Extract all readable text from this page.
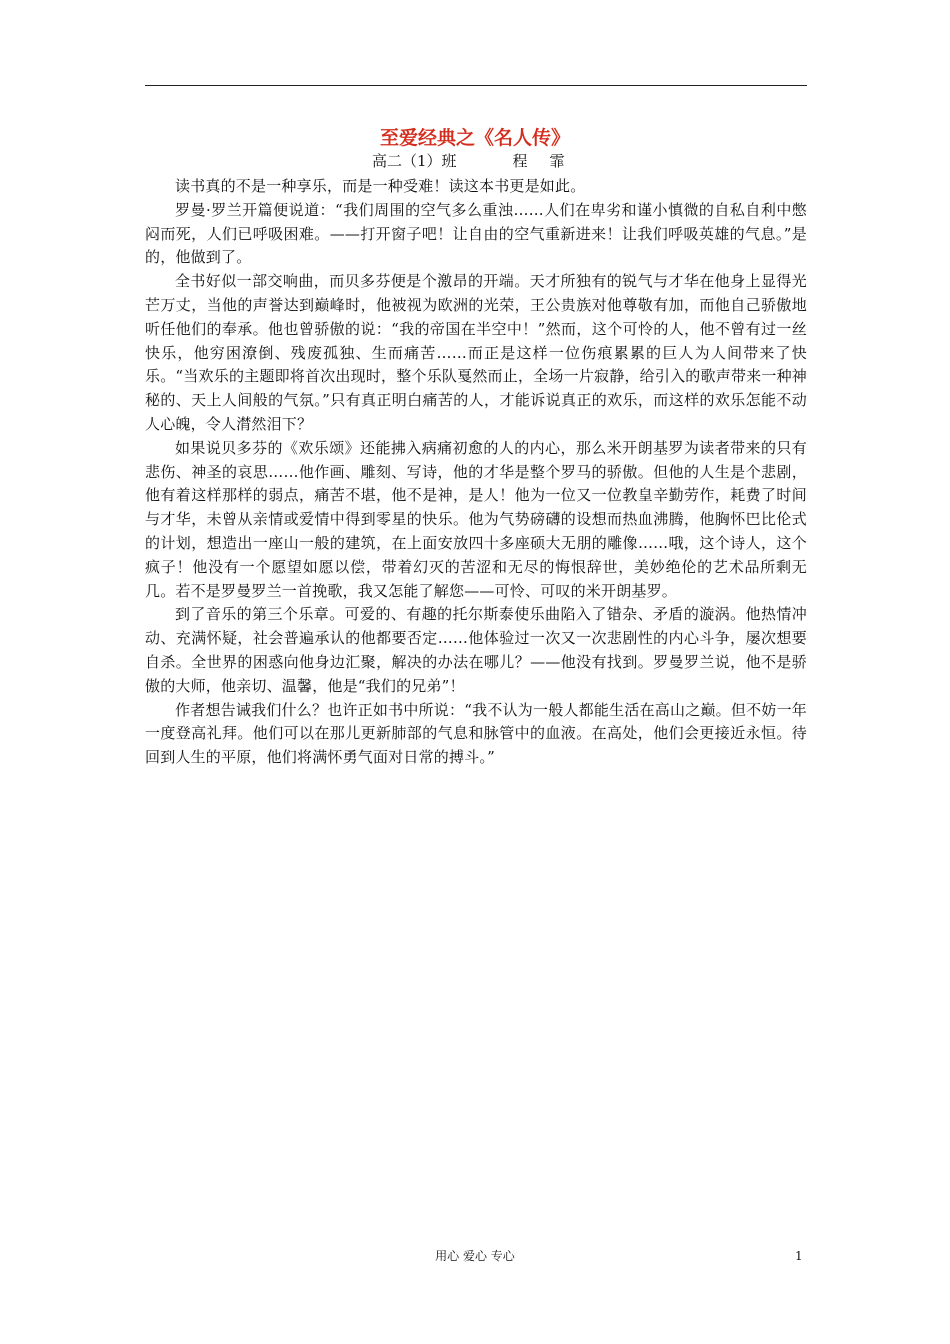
至爱经典之《名人传》
高二（1）班	程霏

读书真的不是一种享乐，而是一种受难！读这本书更是如此。

罗曼·罗兰开篇便说道：“我们周围的空气多么重浊……人们在卑劣和谨小慎微的自私自利中憋闷而死，人们已呼吸困难。——打开窗子吧！让自由的空气重新进来！让我们呼吸英雄的气息。”是的，他做到了。

全书好似一部交响曲，而贝多芬便是个激昂的开端。天才所独有的锐气与才华在他身上显得光芒万丈，当他的声誉达到巅峰时，他被视为欧洲的光荣，王公贵族对他尊敬有加，而他自己骄傲地听任他们的奉承。他也曾骄傲的说：“我的帝国在半空中！”然而，这个可怜的人，他不曾有过一丝快乐，他穷困潦倒、残废孤独、生而痛苦……而正是这样一位伤痕累累的巨人为人间带来了快乐。“当欢乐的主题即将首次出现时，整个乐队戛然而止，全场一片寂静，给引入的歌声带来一种神秘的、天上人间般的气氛。”只有真正明白痛苦的人，才能诉说真正的欢乐，而这样的欢乐怎能不动人心魄，令人潸然泪下？

如果说贝多芬的《欢乐颂》还能拂入病痛初愈的人的内心，那么米开朗基罗为读者带来的只有悲伤、神圣的哀思……他作画、雕刻、写诗，他的才华是整个罗马的骄傲。但他的人生是个悲剧，他有着这样那样的弱点，痛苦不堪，他不是神，是人！他为一位又一位教皇辛勤劳作，耗费了时间与才华，未曾从亲情或爱情中得到零星的快乐。他为气势磅礴的设想而热血沸腾，他胸怀巴比伦式的计划，想造出一座山一般的建筑，在上面安放四十多座硕大无朋的雕像……哦，这个诗人，这个疯子！他没有一个愿望如愿以偿，带着幻灭的苦涩和无尽的悔恨辞世，美妙绝伦的艺术品所剩无几。若不是罗曼罗兰一首挽歌，我又怎能了解您——可怜、可叹的米开朗基罗。

到了音乐的第三个乐章。可爱的、有趣的托尔斯泰使乐曲陷入了错杂、矛盾的漩涡。他热情冲动、充满怀疑，社会普遍承认的他都要否定……他体验过一次又一次悲剧性的内心斗争，屡次想要自杀。全世界的困惑向他身边汇聚，解决的办法在哪儿？——他没有找到。罗曼罗兰说，他不是骄傲的大师，他亲切、温馨，他是“我们的兄弟”！

作者想告诫我们什么？也许正如书中所说：“我不认为一般人都能生活在高山之巅。但不妨一年一度登高礼拜。他们可以在那儿更新肺部的气息和脉管中的血液。在高处，他们会更接近永恒。待回到人生的平原，他们将满怀勇气面对日常的搏斗。”

用心 爱心 专心	1
